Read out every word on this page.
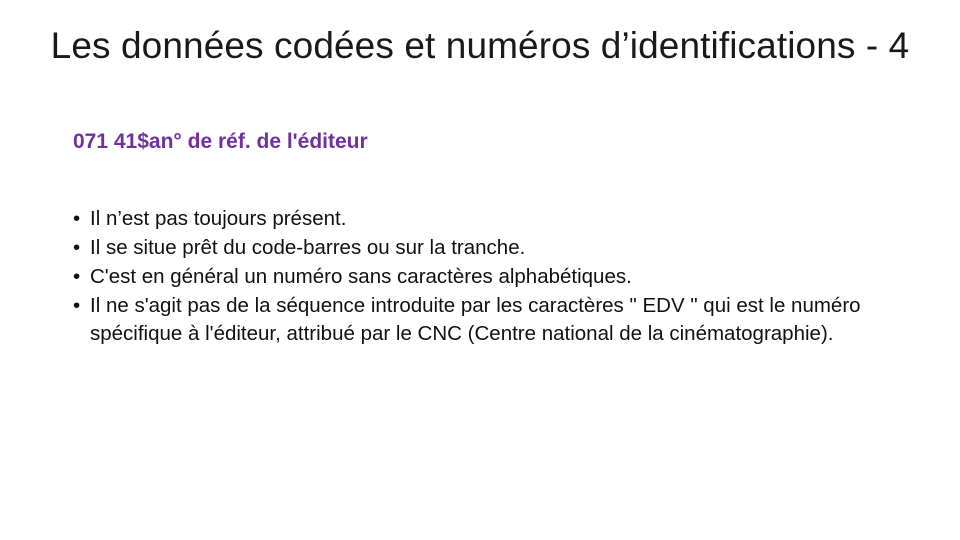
Les données codées et numéros d’identifications - 4
071 41$an° de réf. de l'éditeur
• Il n’est pas toujours présent.
• Il se situe prêt du code-barres ou sur la tranche.
• C'est en général un numéro sans caractères alphabétiques.
• Il ne s'agit pas de la séquence introduite par les caractères " EDV " qui est le numéro spécifique à l'éditeur, attribué par le CNC (Centre national de la cinématographie).
